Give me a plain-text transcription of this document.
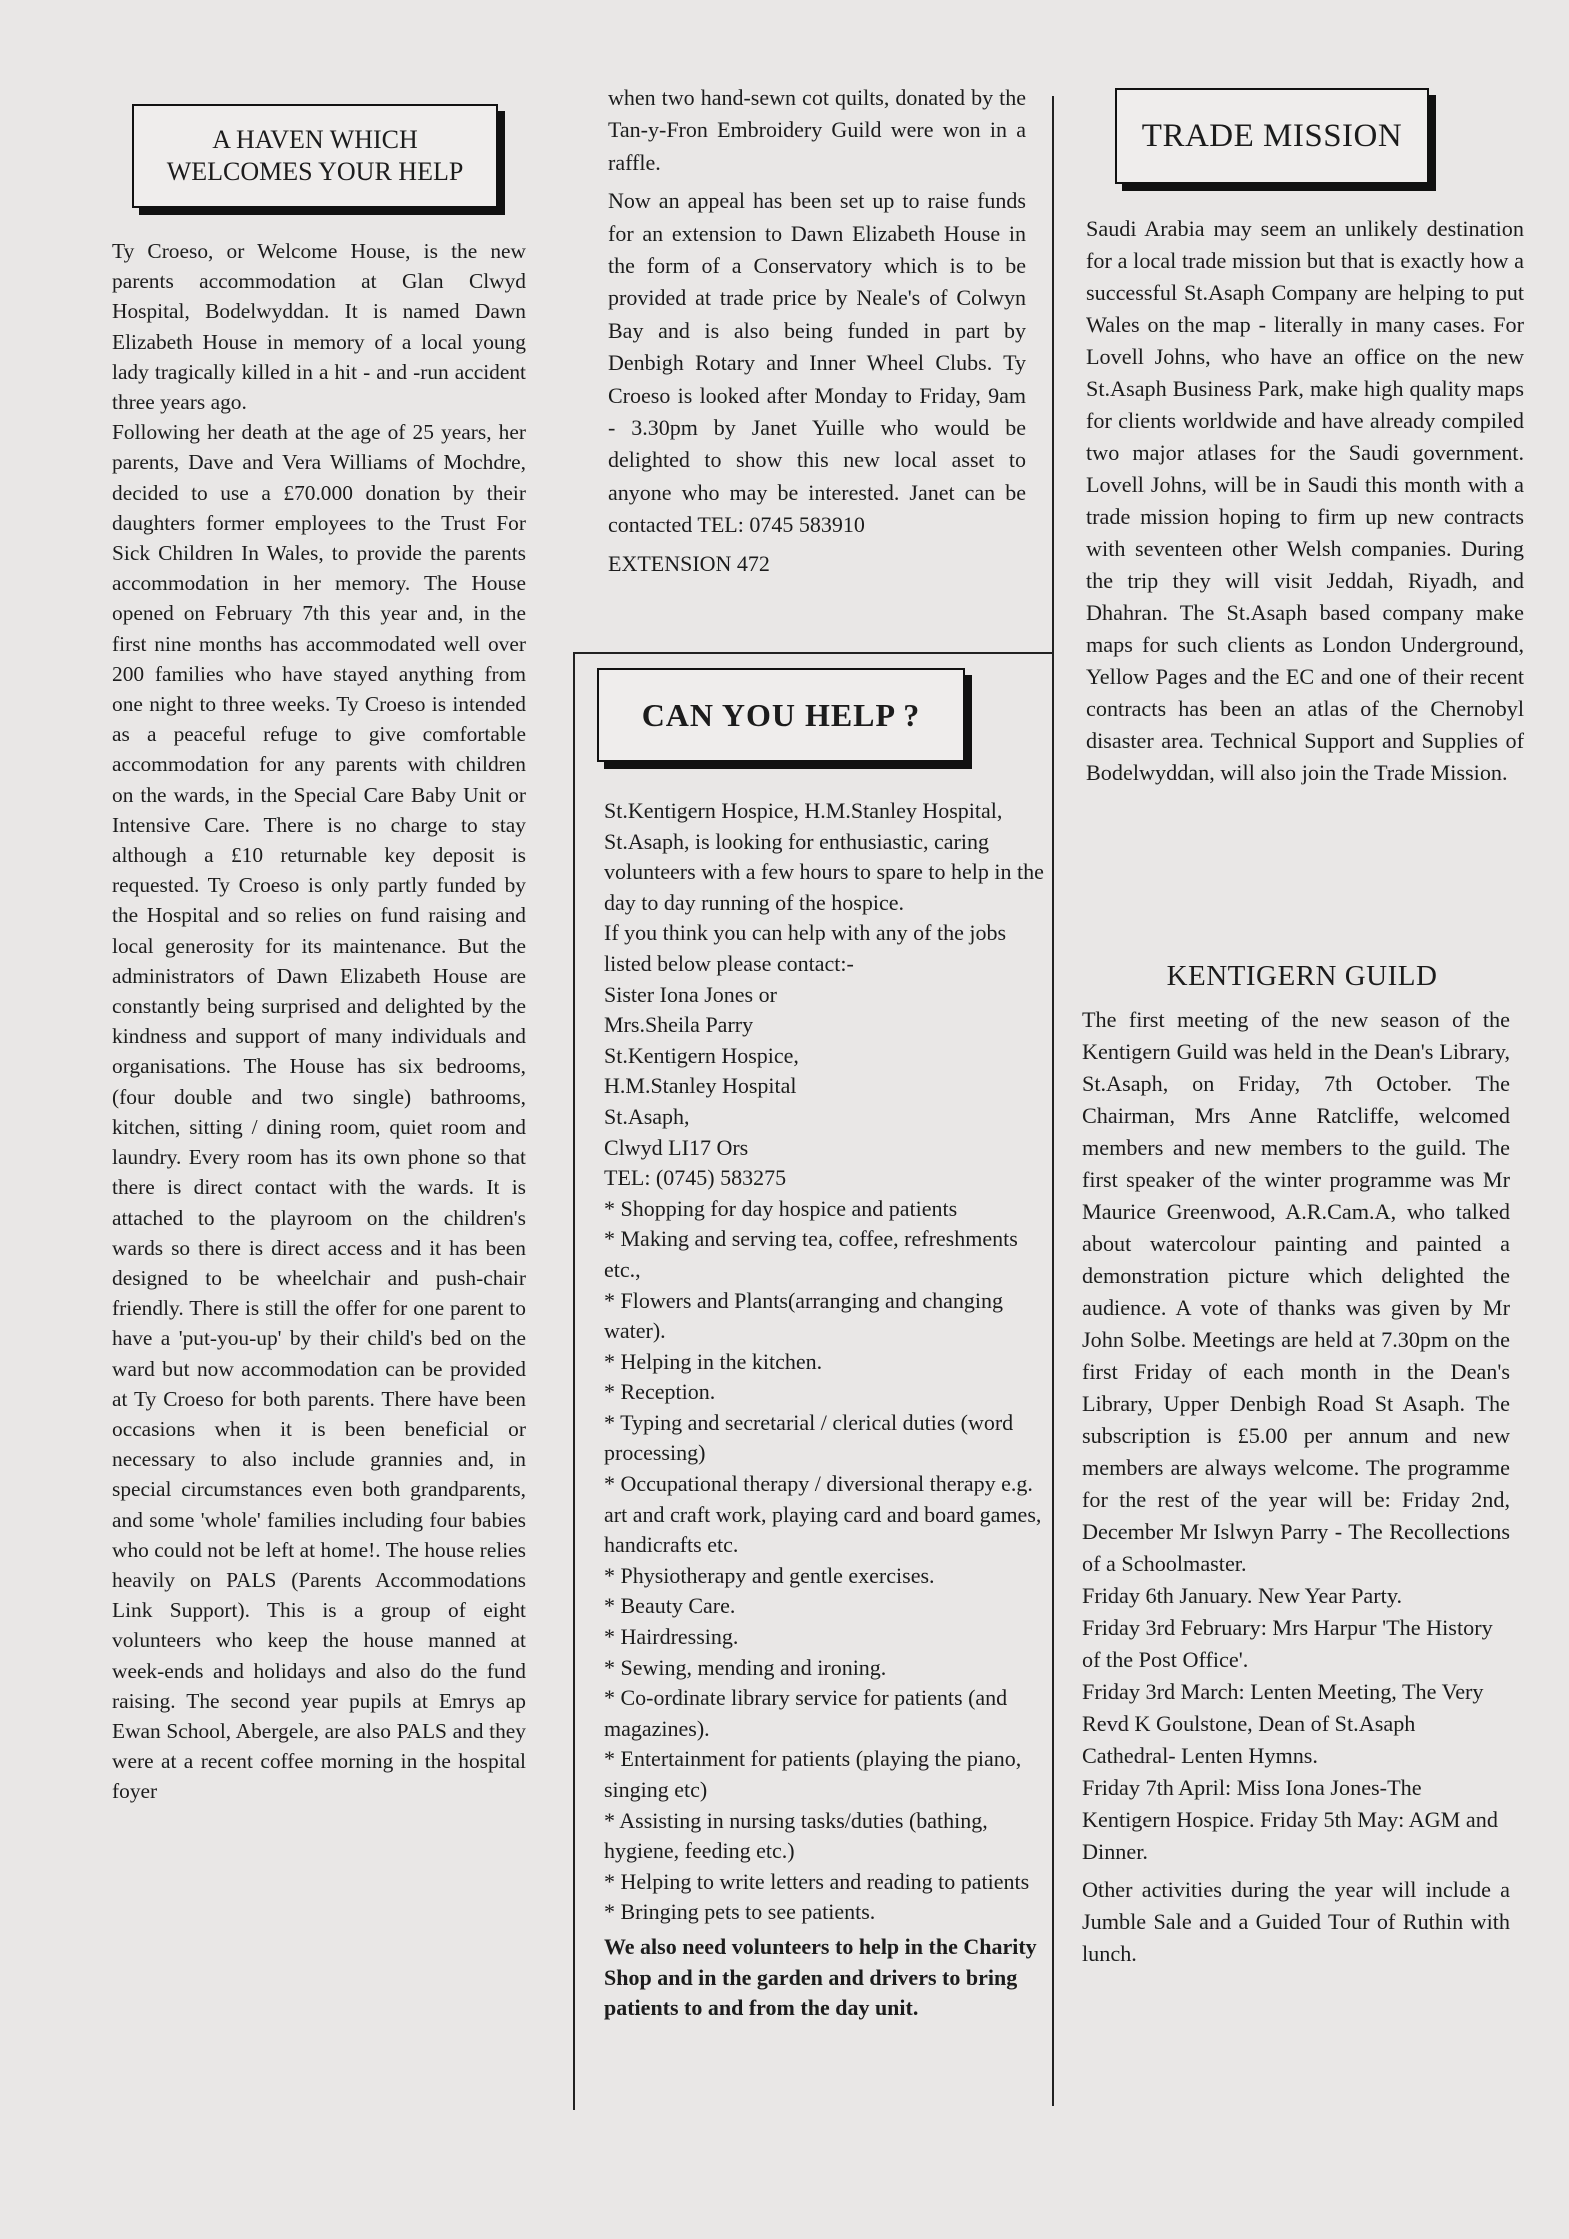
A HAVEN WHICH WELCOMES YOUR HELP

Ty Croeso, or Welcome House, is the new parents accommodation at Glan Clwyd Hospital, Bodelwyddan. It is named Dawn Elizabeth House in memory of a local young lady tragically killed in a hit - and -run accident three years ago.

Following her death at the age of 25 years, her parents, Dave and Vera Williams of Mochdre, decided to use a £70.000 donation by their daughters former employees to the Trust For Sick Children In Wales, to provide the parents accommodation in her memory. The House opened on February 7th this year and, in the first nine months has accommodated well over 200 families who have stayed anything from one night to three weeks. Ty Croeso is intended as a peaceful refuge to give comfortable accommodation for any parents with children on the wards, in the Special Care Baby Unit or Intensive Care. There is no charge to stay although a £10 returnable key deposit is requested. Ty Croeso is only partly funded by the Hospital and so relies on fund raising and local generosity for its maintenance. But the administrators of Dawn Elizabeth House are constantly being surprised and delighted by the kindness and support of many individuals and organisations. The House has six bedrooms, (four double and two single) bathrooms, kitchen, sitting / dining room, quiet room and laundry. Every room has its own phone so that there is direct contact with the wards. It is attached to the playroom on the children's wards so there is direct access and it has been designed to be wheelchair and push-chair friendly. There is still the offer for one parent to have a 'put-you-up' by their child's bed on the ward but now accommodation can be provided at Ty Croeso for both parents. There have been occasions when it is been beneficial or necessary to also include grannies and, in special circumstances even both grandparents, and some 'whole' families including four babies who could not be left at home!. The house relies heavily on PALS (Parents Accommodations Link Support). This is a group of eight volunteers who keep the house manned at week-ends and holidays and also do the fund raising. The second year pupils at Emrys ap Ewan School, Abergele, are also PALS and they were at a recent coffee morning in the hospital foyer

when two hand-sewn cot quilts, donated by the Tan-y-Fron Embroidery Guild were won in a raffle.

Now an appeal has been set up to raise funds for an extension to Dawn Elizabeth House in the form of a Conservatory which is to be provided at trade price by Neale's of Colwyn Bay and is also being funded in part by Denbigh Rotary and Inner Wheel Clubs. Ty Croeso is looked after Monday to Friday, 9am - 3.30pm by Janet Yuille who would be delighted to show this new local asset to anyone who may be interested. Janet can be contacted TEL: 0745 583910

EXTENSION 472

CAN YOU HELP ?

St.Kentigern Hospice, H.M.Stanley Hospital, St.Asaph, is looking for enthusiastic, caring volunteers with a few hours to spare to help in the day to day running of the hospice.

If you think you can help with any of the jobs listed below please contact:-

Sister Iona Jones or

Mrs.Sheila Parry

St.Kentigern Hospice,

H.M.Stanley Hospital

St.Asaph,

Clwyd LI17 Ors

TEL: (0745) 583275

* Shopping for day hospice and patients

* Making and serving tea, coffee, refreshments etc.,

* Flowers and Plants(arranging and changing water).

* Helping in the kitchen.

* Reception.

* Typing and secretarial / clerical duties (word processing)

* Occupational therapy / diversional therapy e.g. art and craft work, playing card and board games, handicrafts etc.

* Physiotherapy and gentle exercises.

* Beauty Care.

* Hairdressing.

* Sewing, mending and ironing.

* Co-ordinate library service for patients (and magazines).

* Entertainment for patients (playing the piano, singing etc)

* Assisting in nursing tasks/duties (bathing, hygiene, feeding etc.)

* Helping to write letters and reading to patients

* Bringing pets to see patients.

We also need volunteers to help in the Charity Shop and in the garden and drivers to bring patients to and from the day unit.

TRADE MISSION

Saudi Arabia may seem an unlikely destination for a local trade mission but that is exactly how a successful St.Asaph Company are helping to put Wales on the map - literally in many cases. For Lovell Johns, who have an office on the new St.Asaph Business Park, make high quality maps for clients worldwide and have already compiled two major atlases for the Saudi government. Lovell Johns, will be in Saudi this month with a trade mission hoping to firm up new contracts with seventeen other Welsh companies. During the trip they will visit Jeddah, Riyadh, and Dhahran. The St.Asaph based company make maps for such clients as London Underground, Yellow Pages and the EC and one of their recent contracts has been an atlas of the Chernobyl disaster area. Technical Support and Supplies of Bodelwyddan, will also join the Trade Mission.

KENTIGERN GUILD

The first meeting of the new season of the Kentigern Guild was held in the Dean's Library, St.Asaph, on Friday, 7th October. The Chairman, Mrs Anne Ratcliffe, welcomed members and new members to the guild. The first speaker of the winter programme was Mr Maurice Greenwood, A.R.Cam.A, who talked about watercolour painting and painted a demonstration picture which delighted the audience. A vote of thanks was given by Mr John Solbe. Meetings are held at 7.30pm on the first Friday of each month in the Dean's Library, Upper Denbigh Road St Asaph. The subscription is £5.00 per annum and new members are always welcome. The programme for the rest of the year will be: Friday 2nd, December Mr Islwyn Parry - The Recollections of a Schoolmaster.

Friday 6th January. New Year Party.

Friday 3rd February: Mrs Harpur 'The History of the Post Office'.

Friday 3rd March: Lenten Meeting, The Very Revd K Goulstone, Dean of St.Asaph Cathedral- Lenten Hymns.

Friday 7th April: Miss Iona Jones-The Kentigern Hospice. Friday 5th May: AGM and Dinner.

Other activities during the year will include a Jumble Sale and a Guided Tour of Ruthin with lunch.
